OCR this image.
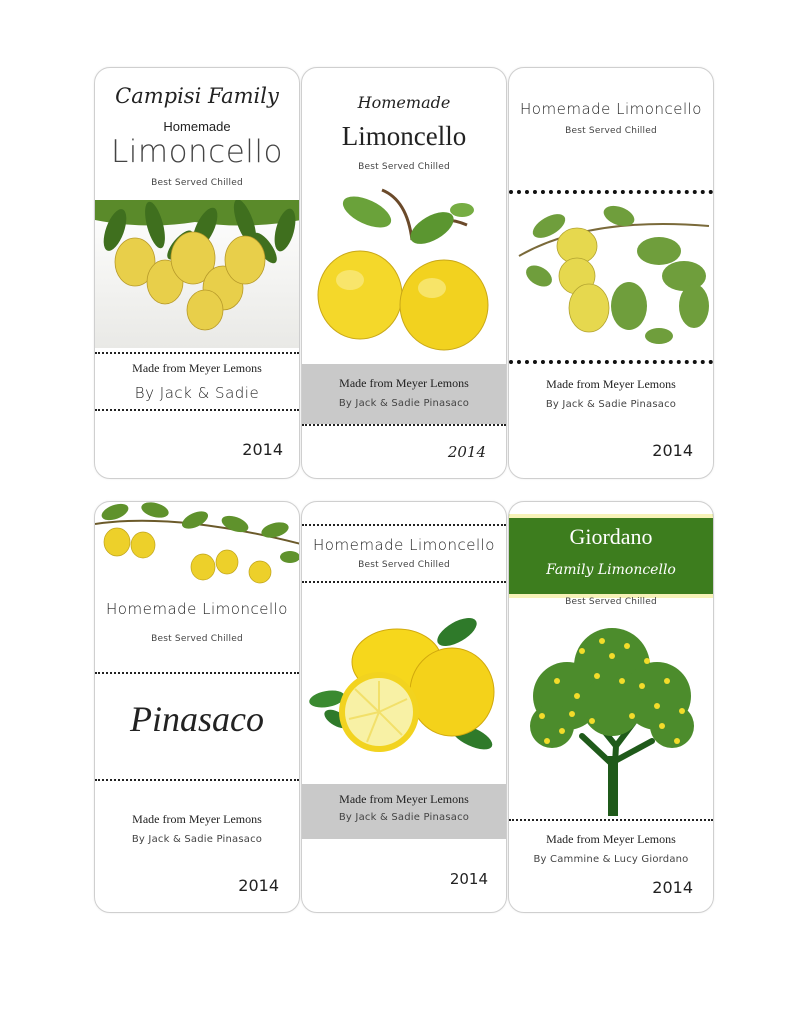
Campisi Family
Homemade
Limoncello
Best Served Chilled
Made from Meyer Lemons
By Jack & Sadie
2014
Homemade
Limoncello
Best Served Chilled
Made from Meyer Lemons
By Jack & Sadie Pinasaco
2014
Homemade Limoncello
Best Served Chilled
Made from Meyer Lemons
By Jack & Sadie Pinasaco
2014
Homemade Limoncello
Best Served Chilled
Pinasaco
Made from Meyer Lemons
By Jack & Sadie Pinasaco
2014
Homemade Limoncello
Best Served Chilled
Made from Meyer Lemons
By Jack & Sadie Pinasaco
2014
Giordano
Family Limoncello
Best Served Chilled
Made from Meyer Lemons
By Cammine & Lucy Giordano
2014
